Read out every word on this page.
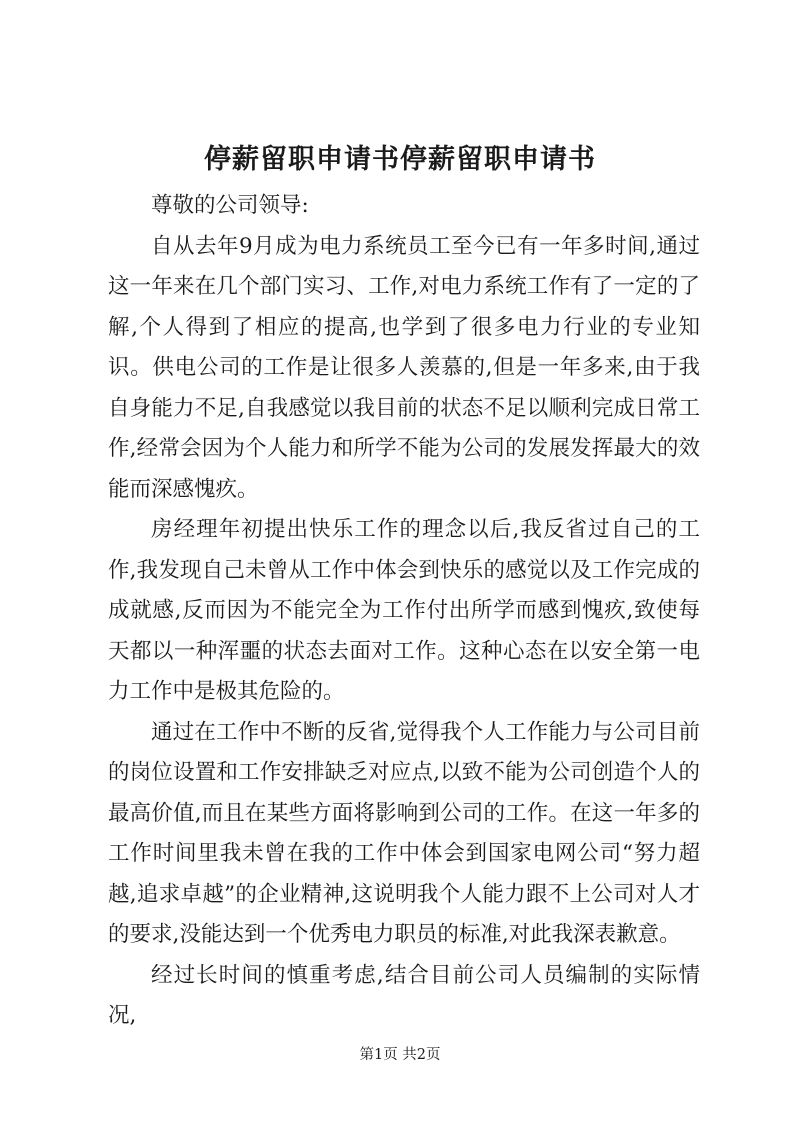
停薪留职申请书停薪留职申请书

尊敬的公司领导:

自从去年9月成为电力系统员工至今已有一年多时间,通过这一年来在几个部门实习、工作,对电力系统工作有了一定的了解,个人得到了相应的提高,也学到了很多电力行业的专业知识。供电公司的工作是让很多人羡慕的,但是一年多来,由于我自身能力不足,自我感觉以我目前的状态不足以顺利完成日常工作,经常会因为个人能力和所学不能为公司的发展发挥最大的效能而深感愧疚。

房经理年初提出快乐工作的理念以后,我反省过自己的工作,我发现自己未曾从工作中体会到快乐的感觉以及工作完成的成就感,反而因为不能完全为工作付出所学而感到愧疚,致使每天都以一种浑噩的状态去面对工作。这种心态在以安全第一电力工作中是极其危险的。

通过在工作中不断的反省,觉得我个人工作能力与公司目前的岗位设置和工作安排缺乏对应点,以致不能为公司创造个人的最高价值,而且在某些方面将影响到公司的工作。在这一年多的工作时间里我未曾在我的工作中体会到国家电网公司“努力超越,追求卓越”的企业精神,这说明我个人能力跟不上公司对人才的要求,没能达到一个优秀电力职员的标准,对此我深表歉意。

经过长时间的慎重考虑,结合目前公司人员编制的实际情况,

第1页 共2页
